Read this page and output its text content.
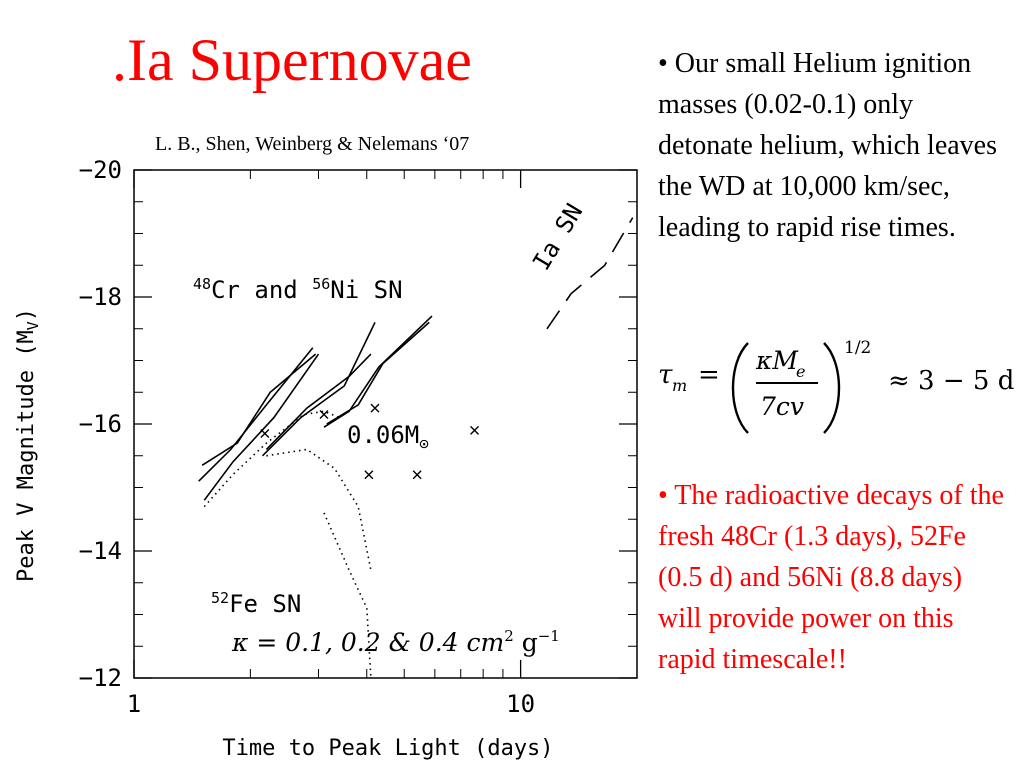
.Ia Supernovae
L. B., Shen, Weinberg & Nelemans ‘07
• Our small Helium ignition masses (0.02-0.1) only detonate helium, which leaves the WD at 10,000 km/sec, leading to rapid rise times.
τ m = κM
e
7cv
1/2
≈ 3 − 5 d
• The radioactive decays of the fresh 48Cr (1.3 days), 52Fe (0.5 d) and 56Ni (8.8 days) will provide power on this rapid timescale!!
−20
−18
−16
−14
−12
1	10
Time to Peak Light (days)
Peak V Magnitude $(M_V)$
$^{48}$Cr and $^{56}$Ni SN
$0.06M_⊙$
$^{52}$Fe SN
κ = 0.1, 0.2 & 0.4 $cm^2$ $g^{-1}$
Ia SN
